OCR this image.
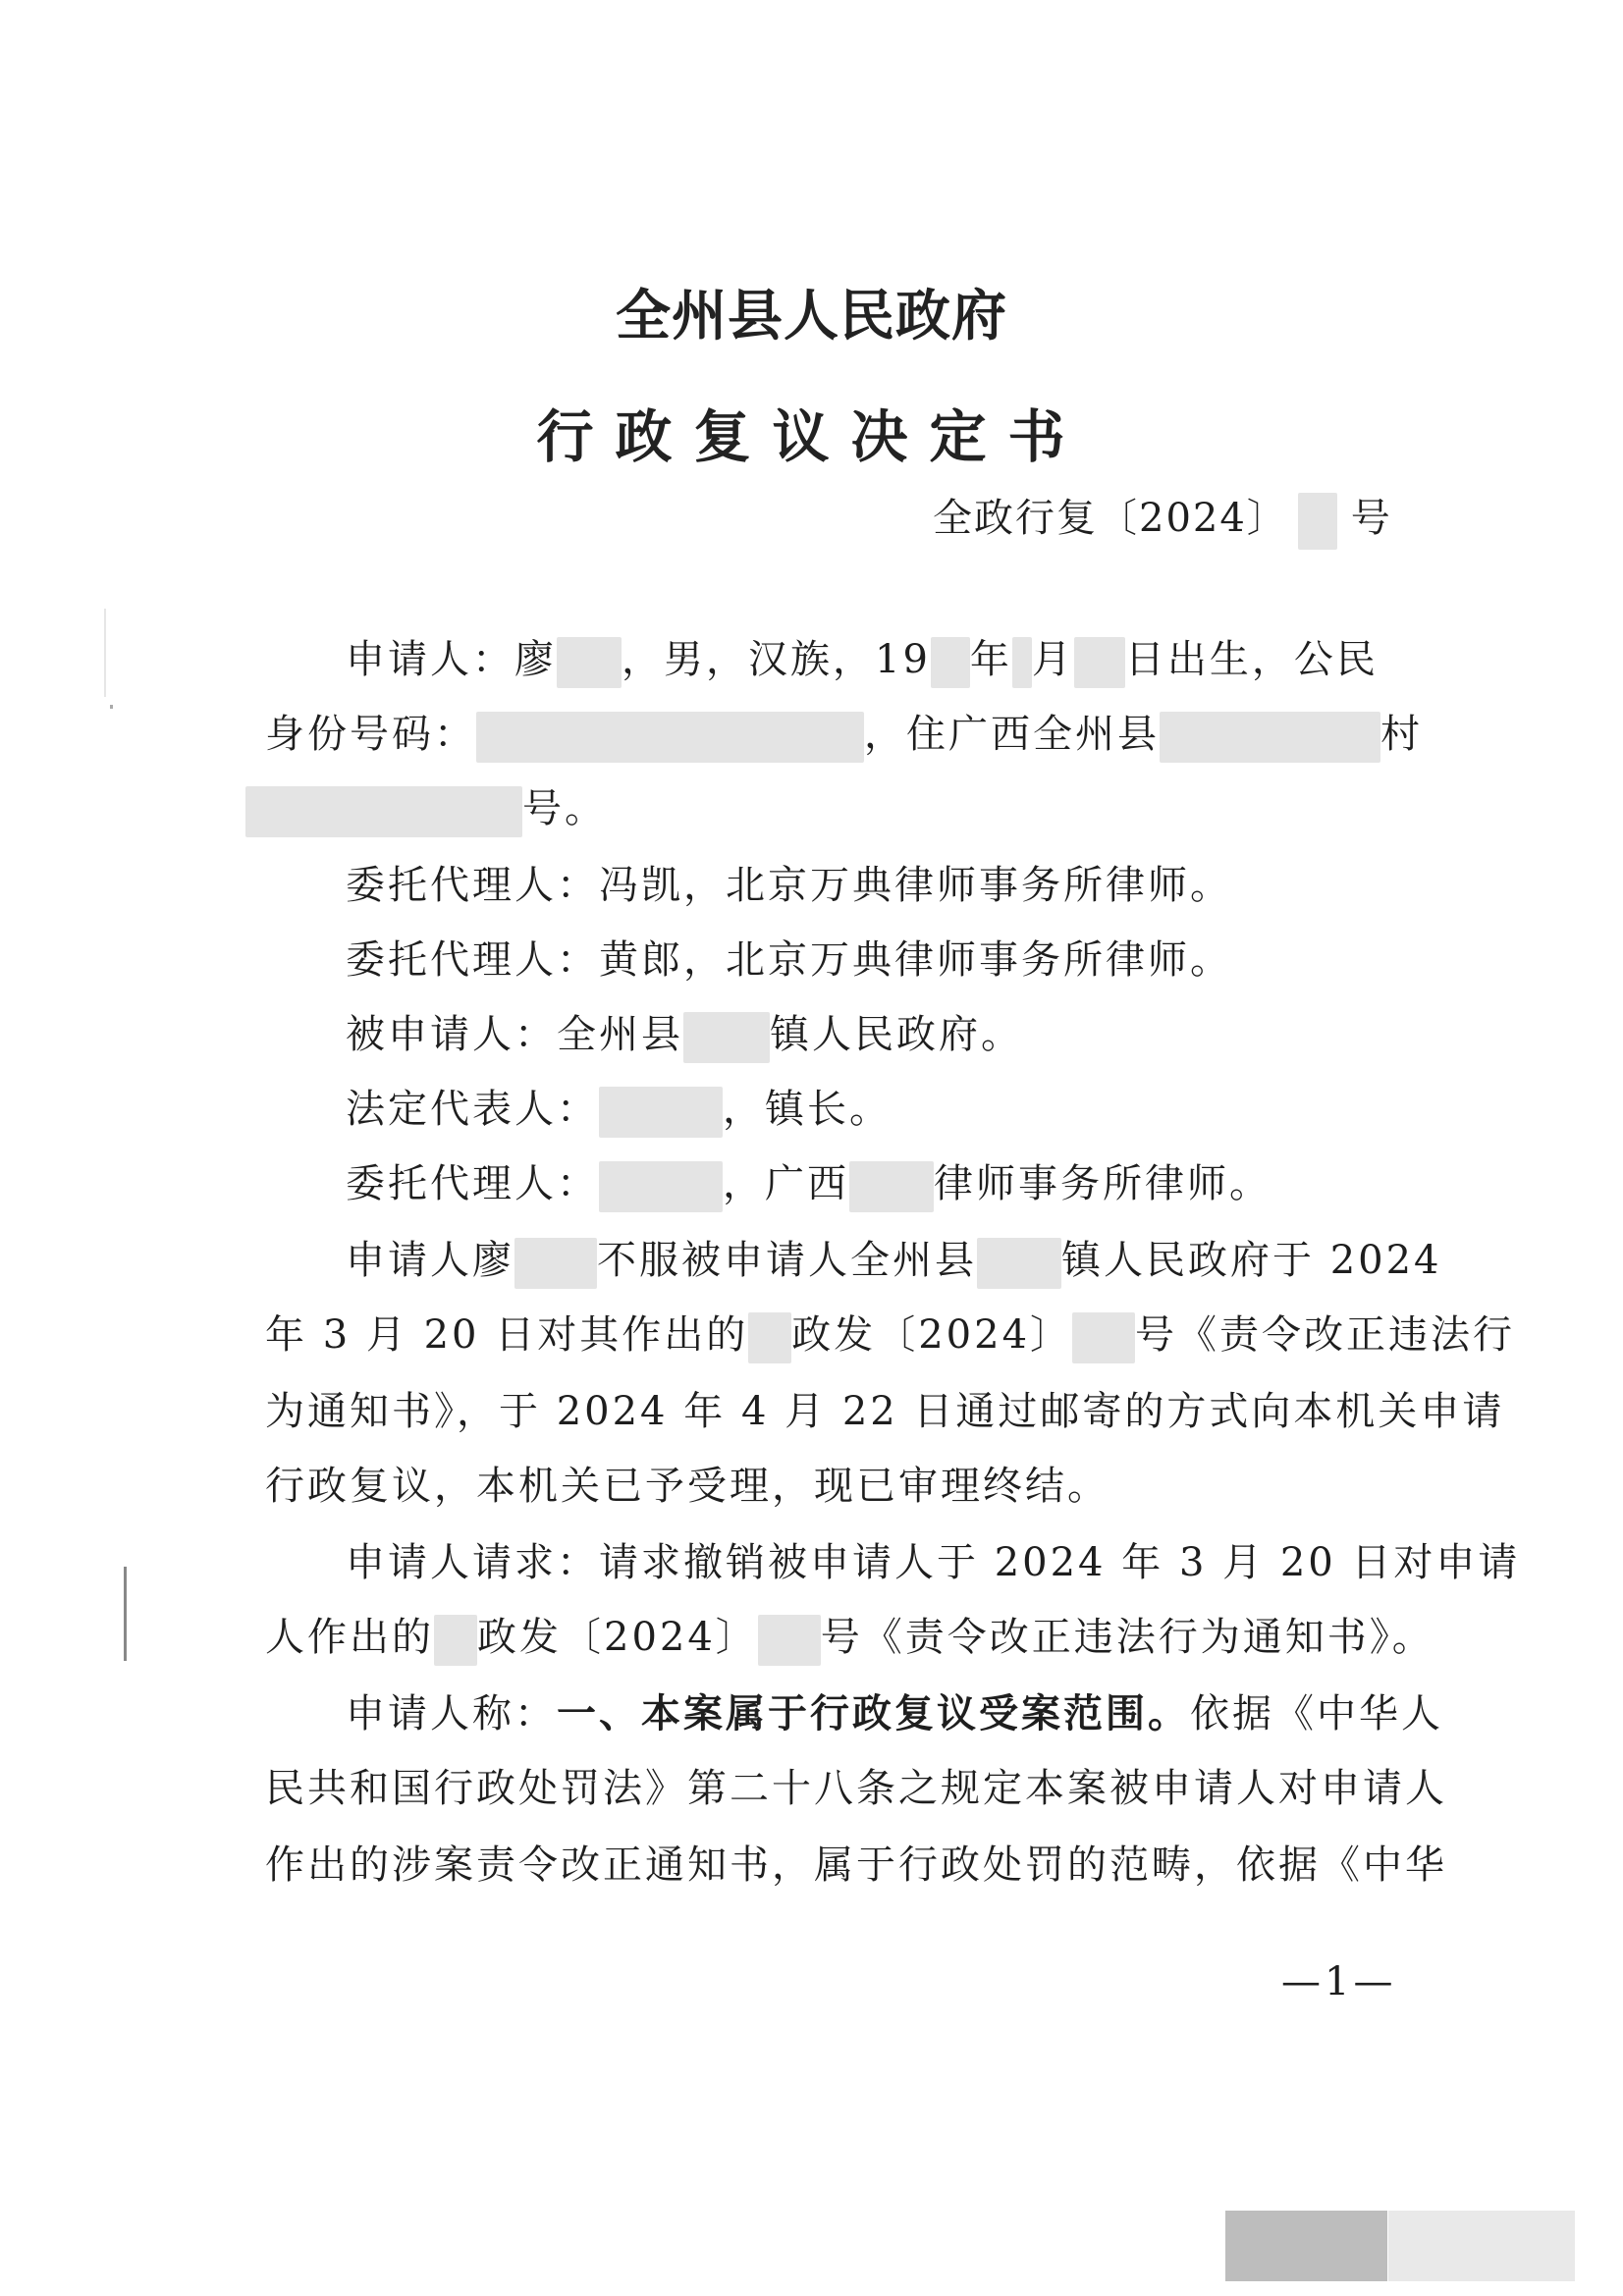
全州县人民政府
行政复议决定书
全政行复〔2024〕 号
申请人：廖 ，男，汉族，19 年 月 日出生，公民
身份号码：	，住广西全州县	村
号。
委托代理人：冯凯，北京万典律师事务所律师。
委托代理人：黄郎，北京万典律师事务所律师。
被申请人：全州县 镇人民政府。
法定代表人：	，镇长。
委托代理人：	，广西 律师事务所律师。
申请人廖 不服被申请人全州县 镇人民政府于 2024
年 3 月 20 日对其作出的 政发〔2024〕 号《责令改正违法行
为通知书》，于 2024 年 4 月 22 日通过邮寄的方式向本机关申请
行政复议，本机关已予受理，现已审理终结。
申请人请求：请求撤销被申请人于 2024 年 3 月 20 日对申请
人作出的 政发〔2024〕 号《责令改正违法行为通知书》。
申请人称：一、本案属于行政复议受案范围。依据《中华人
民共和国行政处罚法》第二十八条之规定本案被申请人对申请人
作出的涉案责令改正通知书，属于行政处罚的范畴，依据《中华
—1—
